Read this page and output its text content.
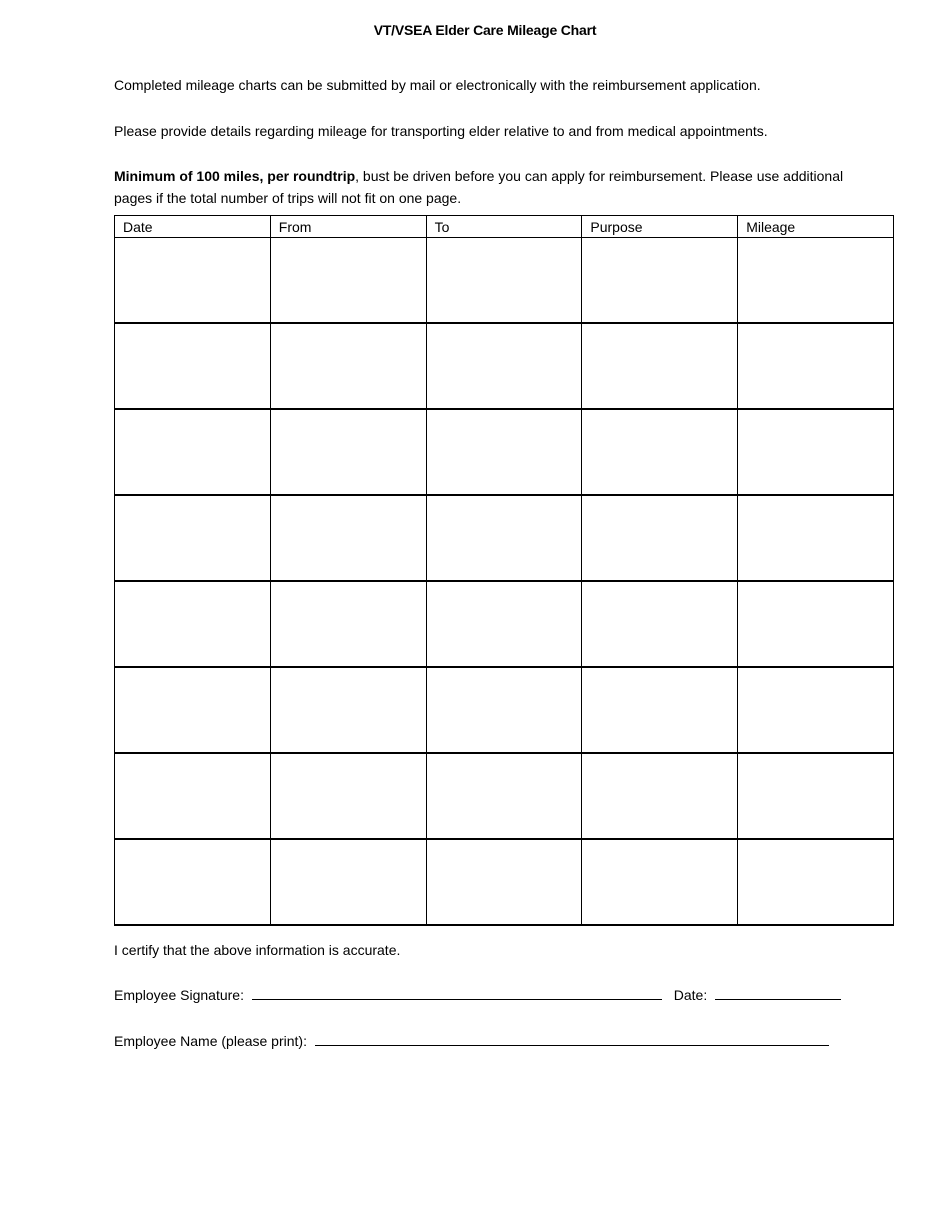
VT/VSEA Elder Care Mileage Chart
Completed mileage charts can be submitted by mail or electronically with the reimbursement application.
Please provide details regarding mileage for transporting elder relative to and from medical appointments.
Minimum of 100 miles, per roundtrip, bust be driven before you can apply for reimbursement. Please use additional pages if the total number of trips will not fit on one page.
Date	From	To	Purpose	Mileage

I certify that the above information is accurate.
Employee Signature:	Date:
Employee Name (please print):
